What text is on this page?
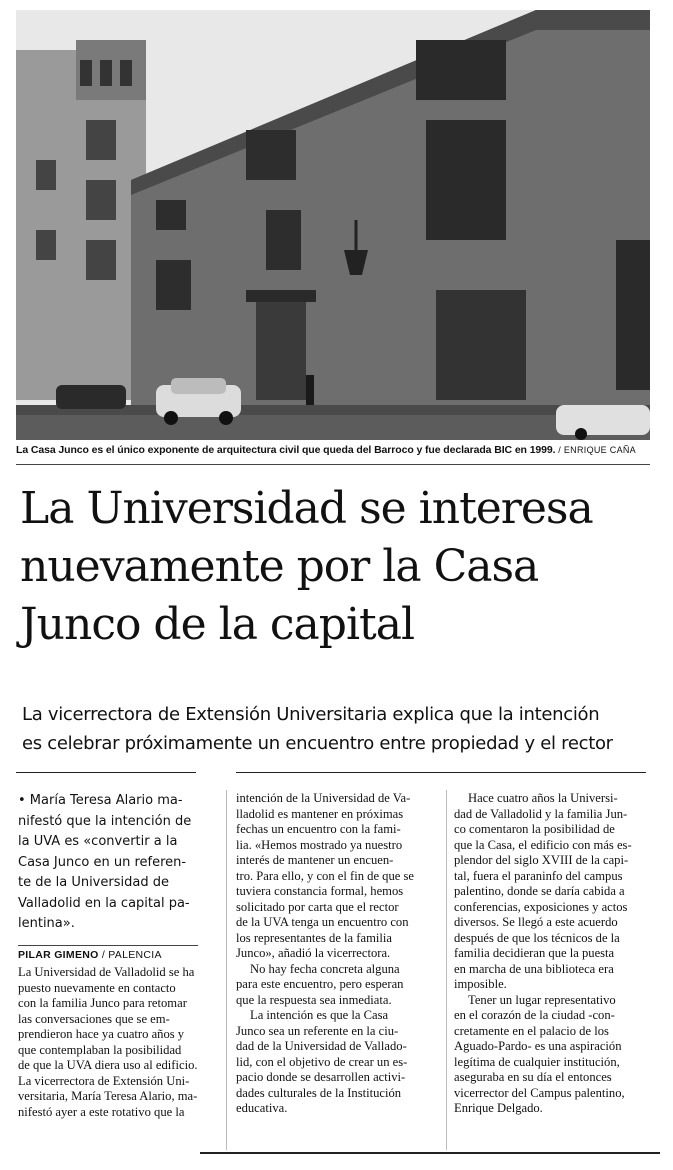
La Casa Junco es el único exponente de arquitectura civil que queda del Barroco y fue declarada BIC en 1999. / ENRIQUE CAÑA
La Universidad se interesa
nuevamente por la Casa
Junco de la capital
La vicerrectora de Extensión Universitaria explica que la intención
es celebrar próximamente un encuentro entre propiedad y el rector
• María Teresa Alario ma-
nifestó que la intención de
la UVA es «convertir a la
Casa Junco en un referen-
te de la Universidad de
Valladolid en la capital pa-
lentina».
PILAR GIMENO / PALENCIA
La Universidad de Valladolid se ha
puesto nuevamente en contacto
con la familia Junco para retomar
las conversaciones que se em-
prendieron hace ya cuatro años y
que contemplaban la posibilidad
de que la UVA diera uso al edificio.
La vicerrectora de Extensión Uni-
versitaria, María Teresa Alario, ma-
nifestó ayer a este rotativo que la
intención de la Universidad de Va-
lladolid es mantener en próximas
fechas un encuentro con la fami-
lia. «Hemos mostrado ya nuestro
interés de mantener un encuen-
tro. Para ello, y con el fin de que se
tuviera constancia formal, hemos
solicitado por carta que el rector
de la UVA tenga un encuentro con
los representantes de la familia
Junco», añadió la vicerrectora.
No hay fecha concreta alguna
para este encuentro, pero esperan
que la respuesta sea inmediata.
La intención es que la Casa
Junco sea un referente en la ciu-
dad de la Universidad de Vallado-
lid, con el objetivo de crear un es-
pacio donde se desarrollen activi-
dades culturales de la Institución
educativa.
Hace cuatro años la Universi-
dad de Valladolid y la familia Jun-
co comentaron la posibilidad de
que la Casa, el edificio con más es-
plendor del siglo XVIII de la capi-
tal, fuera el paraninfo del campus
palentino, donde se daría cabida a
conferencias, exposiciones y actos
diversos. Se llegó a este acuerdo
después de que los técnicos de la
familia decidieran que la puesta
en marcha de una biblioteca era
imposible.
Tener un lugar representativo
en el corazón de la ciudad -con-
cretamente en el palacio de los
Aguado-Pardo- es una aspiración
legítima de cualquier institución,
aseguraba en su día el entonces
vicerrector del Campus palentino,
Enrique Delgado.
